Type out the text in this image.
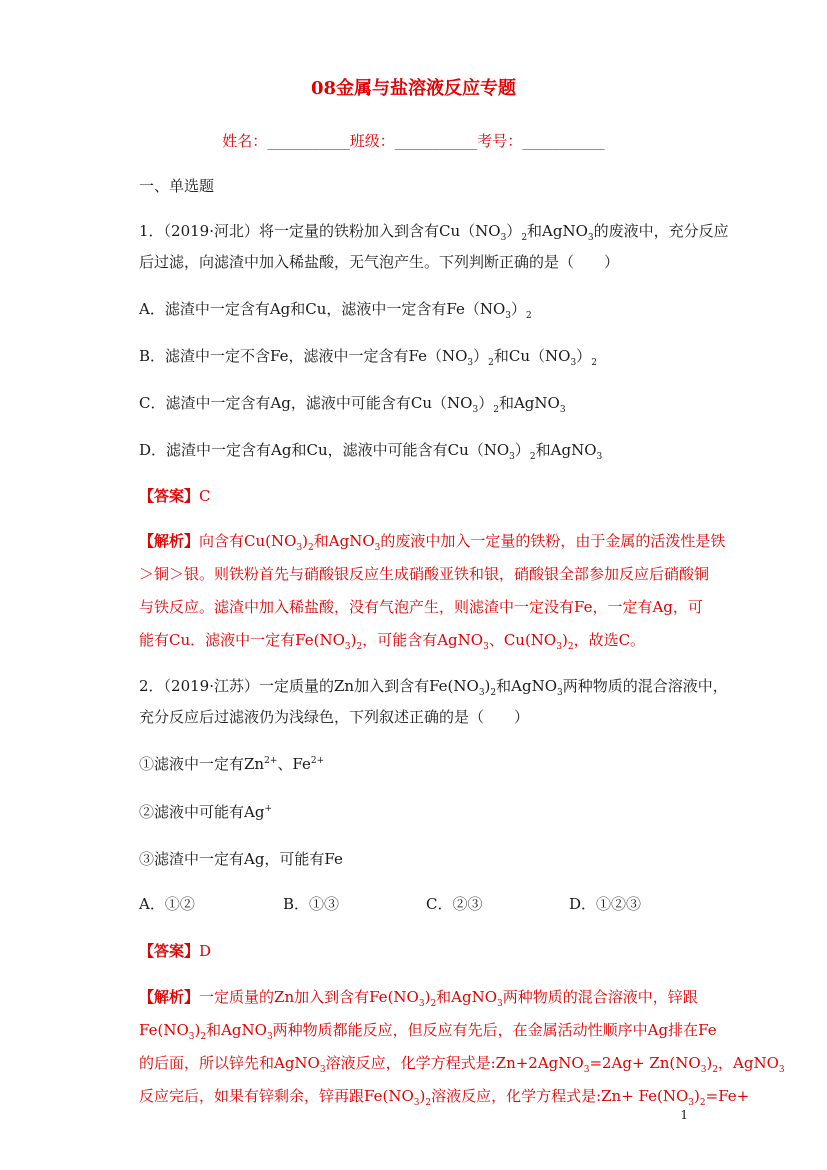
08金属与盐溶液反应专题
姓名：___________班级：___________考号：___________
一、单选题
1．（2019·河北）将一定量的铁粉加入到含有$Cu(NO_3)_2$和AgNO$_3$的废液中，充分反应
后过滤，向滤渣中加入稀盐酸，无气泡产生。下列判断正确的是（　　）
A．滤渣中一定含有Ag和Cu，滤液中一定含有$Fe(NO_3)_2$
B．滤渣中一定不含Fe，滤液中一定含有$Fe(NO_3)_2$和$Cu(NO_3)_2$
C．滤渣中一定含有Ag，滤液中可能含有$Cu(NO_3)_2$和AgNO$_3$
D．滤渣中一定含有Ag和Cu，滤液中可能含有$Cu(NO_3)_2$和AgNO$_3$
【答案】C
【解析】向含有$Cu(NO_3)_2$和AgNO$_3$的废液中加入一定量的铁粉，由于金属的活泼性是铁
＞铜＞银。则铁粉首先与硝酸银反应生成硝酸亚铁和银，硝酸银全部参加反应后硝酸铜
与铁反应。滤渣中加入稀盐酸，没有气泡产生，则滤渣中一定没有Fe，一定有Ag，可
能有Cu．滤液中一定有$Fe(NO_3)_2$，可能含有AgNO$_3$、$Cu(NO_3)_2$，故选C。
2．（2019·江苏）一定质量的Zn加入到含有$Fe(NO_3)_2$和AgNO$_3$两种物质的混合溶液中，
充分反应后过滤液仍为浅绿色，下列叙述正确的是（　　）
①滤液中一定有$Zn^{2+}$、$Fe^{2+}$
②滤液中可能有Ag+
③滤渣中一定有Ag，可能有Fe
A．①②	B．①③	C．②③	D．①②③
【答案】D
【解析】一定质量的Zn加入到含有$Fe(NO_3)_2$和AgNO$_3$两种物质的混合溶液中，锌跟
$Fe(NO_3)_2$和AgNO$_3$两种物质都能反应，但反应有先后，在金属活动性顺序中Ag排在Fe
的后面，所以锌先和AgNO$_3$溶液反应，化学方程式是:Zn+2AgNO$_3$=2Ag+ $Zn(NO_3)_2$，AgNO$_3$
反应完后，如果有锌剩余，锌再跟$Fe(NO_3)_2$溶液反应，化学方程式是:Zn+ $Fe(NO_3)_2=Fe+$
1
